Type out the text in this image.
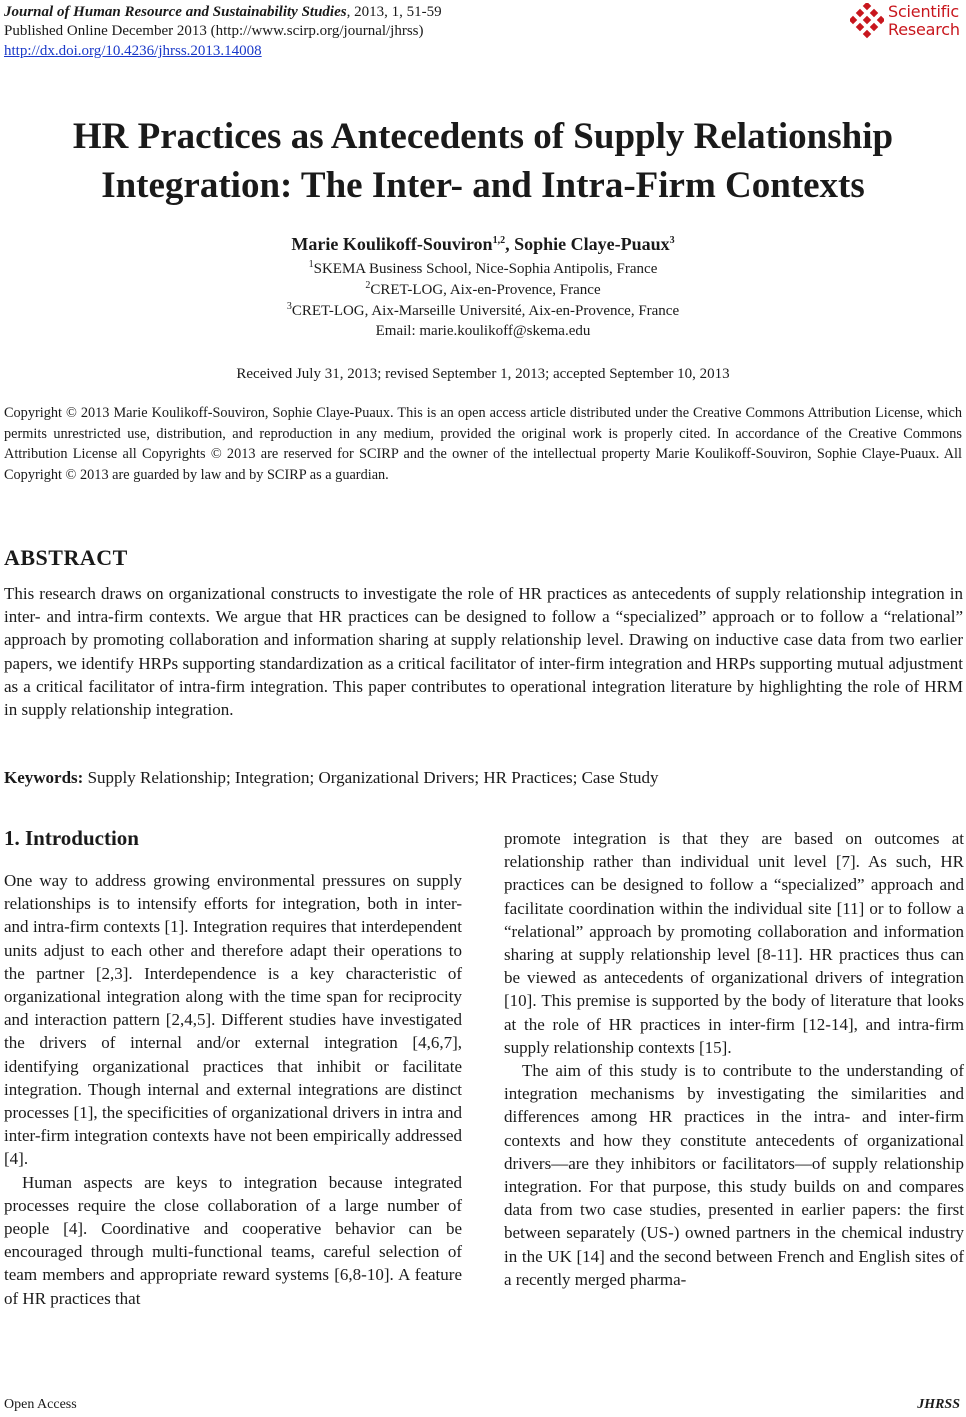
Journal of Human Resource and Sustainability Studies, 2013, 1, 51-59
Published Online December 2013 (http://www.scirp.org/journal/jhrss)
http://dx.doi.org/10.4236/jhrss.2013.14008
Scientific
Research
HR Practices as Antecedents of Supply Relationship
Integration: The Inter- and Intra-Firm Contexts
Marie Koulikoff-Souviron$^{1,2}$, Sophie Claye-Puaux$^3$
$^1$SKEMA Business School, Nice-Sophia Antipolis, France
$^2$CRET-LOG, Aix-en-Provence, France
$^3$CRET-LOG, Aix-Marseille Université, Aix-en-Provence, France
Email: marie.koulikoff@skema.edu
Received July 31, 2013; revised September 1, 2013; accepted September 10, 2013
Copyright © 2013 Marie Koulikoff-Souviron, Sophie Claye-Puaux. This is an open access article distributed under the Creative Commons Attribution License, which permits unrestricted use, distribution, and reproduction in any medium, provided the original work is properly cited. In accordance of the Creative Commons Attribution License all Copyrights © 2013 are reserved for SCIRP and the owner of the intellectual property Marie Koulikoff-Souviron, Sophie Claye-Puaux. All Copyright © 2013 are guarded by law and by SCIRP as a guardian.
ABSTRACT
This research draws on organizational constructs to investigate the role of HR practices as antecedents of supply relationship integration in inter- and intra-firm contexts. We argue that HR practices can be designed to follow a “specialized” approach or to follow a “relational” approach by promoting collaboration and information sharing at supply relationship level. Drawing on inductive case data from two earlier papers, we identify HRPs supporting standardization as a critical facilitator of inter-firm integration and HRPs supporting mutual adjustment as a critical facilitator of intra-firm integration. This paper contributes to operational integration literature by highlighting the role of HRM in supply relationship integration.
Keywords: Supply Relationship; Integration; Organizational Drivers; HR Practices; Case Study
1. Introduction

One way to address growing environmental pressures on supply relationships is to intensify efforts for integration, both in inter- and intra-firm contexts [1]. Integration requires that interdependent units adjust to each other and therefore adapt their operations to the partner [2,3]. Interdependence is a key characteristic of organizational integration along with the time span for reciprocity and interaction pattern [2,4,5]. Different studies have investigated the drivers of internal and/or external integration [4,6,7], identifying organizational practices that inhibit or facilitate integration. Though internal and external integrations are distinct processes [1], the specificities of organizational drivers in intra and inter-firm integration contexts have not been empirically addressed [4].

Human aspects are keys to integration because integrated processes require the close collaboration of a large number of people [4]. Coordinative and cooperative behavior can be encouraged through multi-functional teams, careful selection of team members and appropriate reward systems [6,8-10]. A feature of HR practices that

promote integration is that they are based on outcomes at relationship rather than individual unit level [7]. As such, HR practices can be designed to follow a “specialized” approach and facilitate coordination within the individual site [11] or to follow a “relational” approach by promoting collaboration and information sharing at supply relationship level [8-11]. HR practices thus can be viewed as antecedents of organizational drivers of integration [10]. This premise is supported by the body of literature that looks at the role of HR practices in inter-firm [12-14], and intra-firm supply relationship contexts [15].

The aim of this study is to contribute to the understanding of integration mechanisms by investigating the similarities and differences among HR practices in the intra- and inter-firm contexts and how they constitute antecedents of organizational drivers—are they inhibitors or facilitators—of supply relationship integration. For that purpose, this study builds on and compares data from two case studies, presented in earlier papers: the first between separately (US-) owned partners in the chemical industry in the UK [14] and the second between French and English sites of a recently merged pharma-

Open Access	JHRSS
